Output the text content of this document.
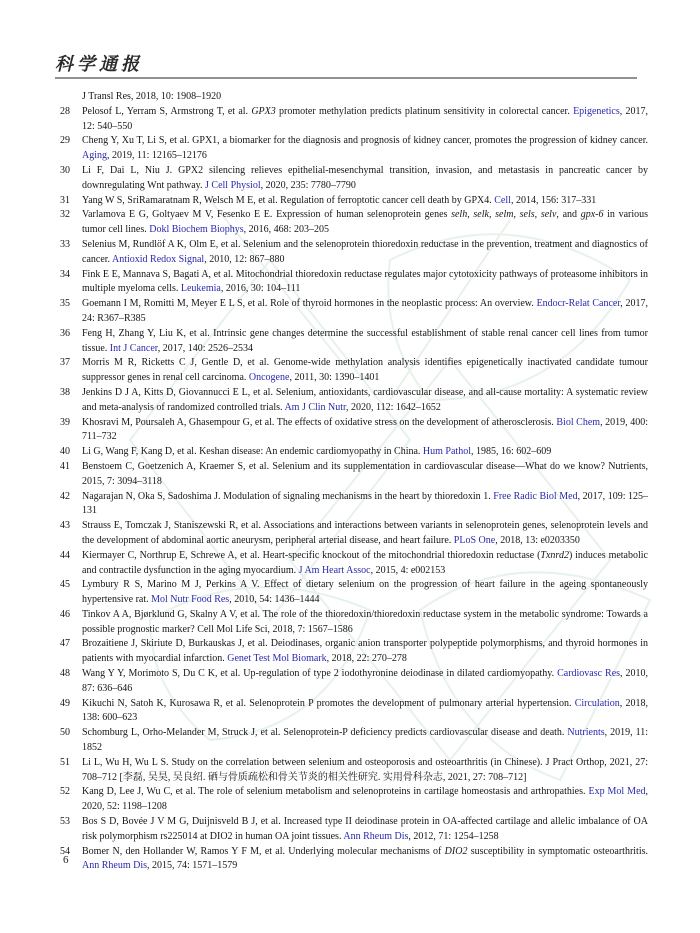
科学通报
J Transl Res, 2018, 10: 1908–1920
28 Pelosof L, Yerram S, Armstrong T, et al. GPX3 promoter methylation predicts platinum sensitivity in colorectal cancer. Epigenetics, 2017, 12: 540–550
29 Cheng Y, Xu T, Li S, et al. GPX1, a biomarker for the diagnosis and prognosis of kidney cancer, promotes the progression of kidney cancer. Aging, 2019, 11: 12165–12176
30 Li F, Dai L, Niu J. GPX2 silencing relieves epithelial-mesenchymal transition, invasion, and metastasis in pancreatic cancer by downregulating Wnt pathway. J Cell Physiol, 2020, 235: 7780–7790
31 Yang W S, SriRamaratnam R, Welsch M E, et al. Regulation of ferroptotic cancer cell death by GPX4. Cell, 2014, 156: 317–331
32 Varlamova E G, Goltyaev M V, Fesenko E E. Expression of human selenoprotein genes selh, selk, selm, sels, selv, and gpx-6 in various tumor cell lines. Dokl Biochem Biophys, 2016, 468: 203–205
33 Selenius M, Rundlöf A K, Olm E, et al. Selenium and the selenoprotein thioredoxin reductase in the prevention, treatment and diagnostics of cancer. Antioxid Redox Signal, 2010, 12: 867–880
34 Fink E E, Mannava S, Bagati A, et al. Mitochondrial thioredoxin reductase regulates major cytotoxicity pathways of proteasome inhibitors in multiple myeloma cells. Leukemia, 2016, 30: 104–111
35 Goemann I M, Romitti M, Meyer E L S, et al. Role of thyroid hormones in the neoplastic process: An overview. Endocr-Relat Cancer, 2017, 24: R367–R385
36 Feng H, Zhang Y, Liu K, et al. Intrinsic gene changes determine the successful establishment of stable renal cancer cell lines from tumor tissue. Int J Cancer, 2017, 140: 2526–2534
37 Morris M R, Ricketts C J, Gentle D, et al. Genome-wide methylation analysis identifies epigenetically inactivated candidate tumour suppressor genes in renal cell carcinoma. Oncogene, 2011, 30: 1390–1401
38 Jenkins D J A, Kitts D, Giovannucci E L, et al. Selenium, antioxidants, cardiovascular disease, and all-cause mortality: A systematic review and meta-analysis of randomized controlled trials. Am J Clin Nutr, 2020, 112: 1642–1652
39 Khosravi M, Poursaleh A, Ghasempour G, et al. The effects of oxidative stress on the development of atherosclerosis. Biol Chem, 2019, 400: 711–732
40 Li G, Wang F, Kang D, et al. Keshan disease: An endemic cardiomyopathy in China. Hum Pathol, 1985, 16: 602–609
41 Benstoem C, Goetzenich A, Kraemer S, et al. Selenium and its supplementation in cardiovascular disease—What do we know? Nutrients, 2015, 7: 3094–3118
42 Nagarajan N, Oka S, Sadoshima J. Modulation of signaling mechanisms in the heart by thioredoxin 1. Free Radic Biol Med, 2017, 109: 125–131
43 Strauss E, Tomczak J, Staniszewski R, et al. Associations and interactions between variants in selenoprotein genes, selenoprotein levels and the development of abdominal aortic aneurysm, peripheral arterial disease, and heart failure. PLoS One, 2018, 13: e0203350
44 Kiermayer C, Northrup E, Schrewe A, et al. Heart-specific knockout of the mitochondrial thioredoxin reductase (Txnrd2) induces metabolic and contractile dysfunction in the aging myocardium. J Am Heart Assoc, 2015, 4: e002153
45 Lymbury R S, Marino M J, Perkins A V. Effect of dietary selenium on the progression of heart failure in the ageing spontaneously hypertensive rat. Mol Nutr Food Res, 2010, 54: 1436–1444
46 Tinkov A A, Bjørklund G, Skalny A V, et al. The role of the thioredoxin/thioredoxin reductase system in the metabolic syndrome: Towards a possible prognostic marker? Cell Mol Life Sci, 2018, 7: 1567–1586
47 Brozaitiene J, Skiriute D, Burkauskas J, et al. Deiodinases, organic anion transporter polypeptide polymorphisms, and thyroid hormones in patients with myocardial infarction. Genet Test Mol Biomark, 2018, 22: 270–278
48 Wang Y Y, Morimoto S, Du C K, et al. Up-regulation of type 2 iodothyronine deiodinase in dilated cardiomyopathy. Cardiovasc Res, 2010, 87: 636–646
49 Kikuchi N, Satoh K, Kurosawa R, et al. Selenoprotein P promotes the development of pulmonary arterial hypertension. Circulation, 2018, 138: 600–623
50 Schomburg L, Orho-Melander M, Struck J, et al. Selenoprotein-P deficiency predicts cardiovascular disease and death. Nutrients, 2019, 11: 1852
51 Li L, Wu H, Wu L S. Study on the correlation between selenium and osteoporosis and osteoarthritis (in Chinese). J Pract Orthop, 2021, 27: 708–712 [李磊, 吴昊, 吴良绍. 硒与骨质疏松和骨关节炎的相关性研究. 实用骨科杂志, 2021, 27: 708–712]
52 Kang D, Lee J, Wu C, et al. The role of selenium metabolism and selenoproteins in cartilage homeostasis and arthropathies. Exp Mol Med, 2020, 52: 1198–1208
53 Bos S D, Bovée J V M G, Duijnisveld B J, et al. Increased type II deiodinase protein in OA-affected cartilage and allelic imbalance of OA risk polymorphism rs225014 at DIO2 in human OA joint tissues. Ann Rheum Dis, 2012, 71: 1254–1258
54 Bomer N, den Hollander W, Ramos Y F M, et al. Underlying molecular mechanisms of DIO2 susceptibility in symptomatic osteoarthritis. Ann Rheum Dis, 2015, 74: 1571–1579
6
